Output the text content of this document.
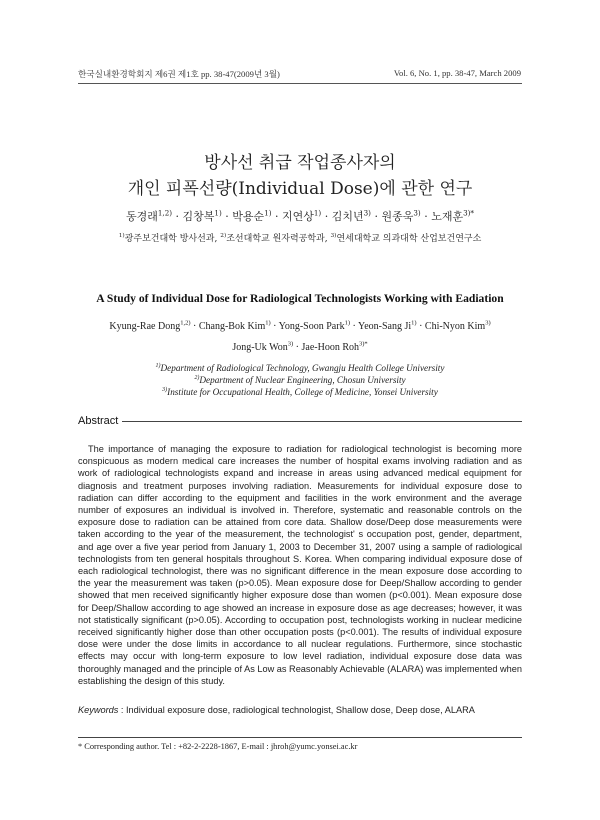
한국실내환경학회지 제6권 제1호 pp. 38-47(2009년 3월)	Vol. 6, No. 1, pp. 38-47, March 2009
방사선 취급 작업종사자의
개인 피폭선량(Individual Dose)에 관한 연구
동경래$^{1,2)}$ · 김창복$^{1)}$ · 박용순$^{1)}$ · 지연상$^{1)}$ · 김치년$^{3)}$ · 원종욱$^{3)}$ · 노재훈$^{3)*}$
$^{1)}$광주보건대학 방사선과, $^{2)}$조선대학교 원자력공학과, $^{3)}$연세대학교 의과대학 산업보건연구소
A Study of Individual Dose for Radiological Technologists Working with Eadiation
Kyung-Rae Dong$^{1,2)}$ · Chang-Bok Kim$^{1)}$ · Yong-Soon Park$^{1)}$ · Yeon-Sang $Ji^{1)}$ · Chi-Nyon Kim$^{3)}$
Jong-Uk Won$^{3)}$ · Jae-Hoon Roh$^{3)*}$
$^{1)}$Department of Radiological Technology, Gwangju Health College University
$^{2)}$Department of Nuclear Engineering, Chosun University
$^{3)}$Institute for Occupational Health, College of Medicine, Yonsei University
Abstract
The importance of managing the exposure to radiation for radiological technologist is becoming more conspicuous as modern medical care increases the number of hospital exams involving radiation and as work of radiological technologists expand and increase in areas using advanced medical equipment for diagnosis and treatment purposes involving radiation. Measurements for individual exposure dose to radiation can differ according to the equipment and facilities in the work environment and the average number of exposures an individual is involved in. Therefore, systematic and reasonable controls on the exposure dose to radiation can be attained from core data. Shallow dose/Deep dose measurements were taken according to the year of the measurement, the technologist' s occupation post, gender, department, and age over a five year period from January 1, 2003 to December 31, 2007 using a sample of radiological technologists from ten general hospitals throughout S. Korea. When comparing individual exposure dose of each radiological technologist, there was no significant difference in the mean exposure dose according to the year the measurement was taken (p>0.05). Mean exposure dose for Deep/Shallow according to gender showed that men received significantly higher exposure dose than women (p<0.001). Mean exposure dose for Deep/Shallow according to age showed an increase in exposure dose as age decreases; however, it was not statistically significant (p>0.05). According to occupation post, technologists working in nuclear medicine received significantly higher dose than other occupation posts (p<0.001). The results of individual exposure dose were under the dose limits in accordance to all nuclear regulations. Furthermore, since stochastic effects may occur with long-term exposure to low level radiation, individual exposure dose data was thoroughly managed and the principle of As Low as Reasonably Achievable (ALARA) was implemented when establishing the design of this study.
Keywords : Individual exposure dose, radiological technologist, Shallow dose, Deep dose, ALARA
* Corresponding author. Tel : +82-2-2228-1867, E-mail : jhroh@yumc.yonsei.ac.kr
